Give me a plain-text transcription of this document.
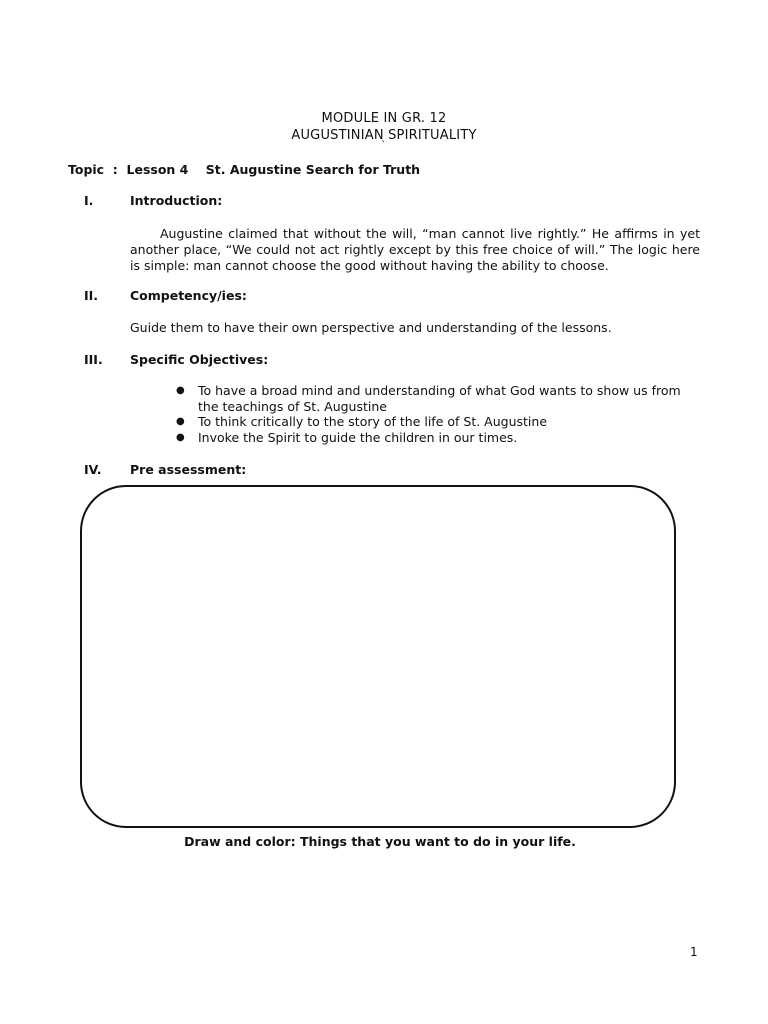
MODULE IN GR. 12
AUGUSTINIAN SPIRITUALITY
`
Topic  :  Lesson 4    St. Augustine Search for Truth
I.	Introduction:
Augustine claimed that without the will, “man cannot live rightly.” He affirms in yet another place, “We could not act rightly except by this free choice of will.” The logic here is simple: man cannot choose the good without having the ability to choose.
II.	Competency/ies:
Guide them to have their own perspective and understanding of the lessons.
III. Specific Objectives:
● To have a broad mind and understanding of what God wants to show us from the teachings of St. Augustine
● To think critically to the story of the life of St. Augustine
● Invoke the Spirit to guide the children in our times.
IV. Pre assessment:
Draw and color: Things that you want to do in your life.
1
